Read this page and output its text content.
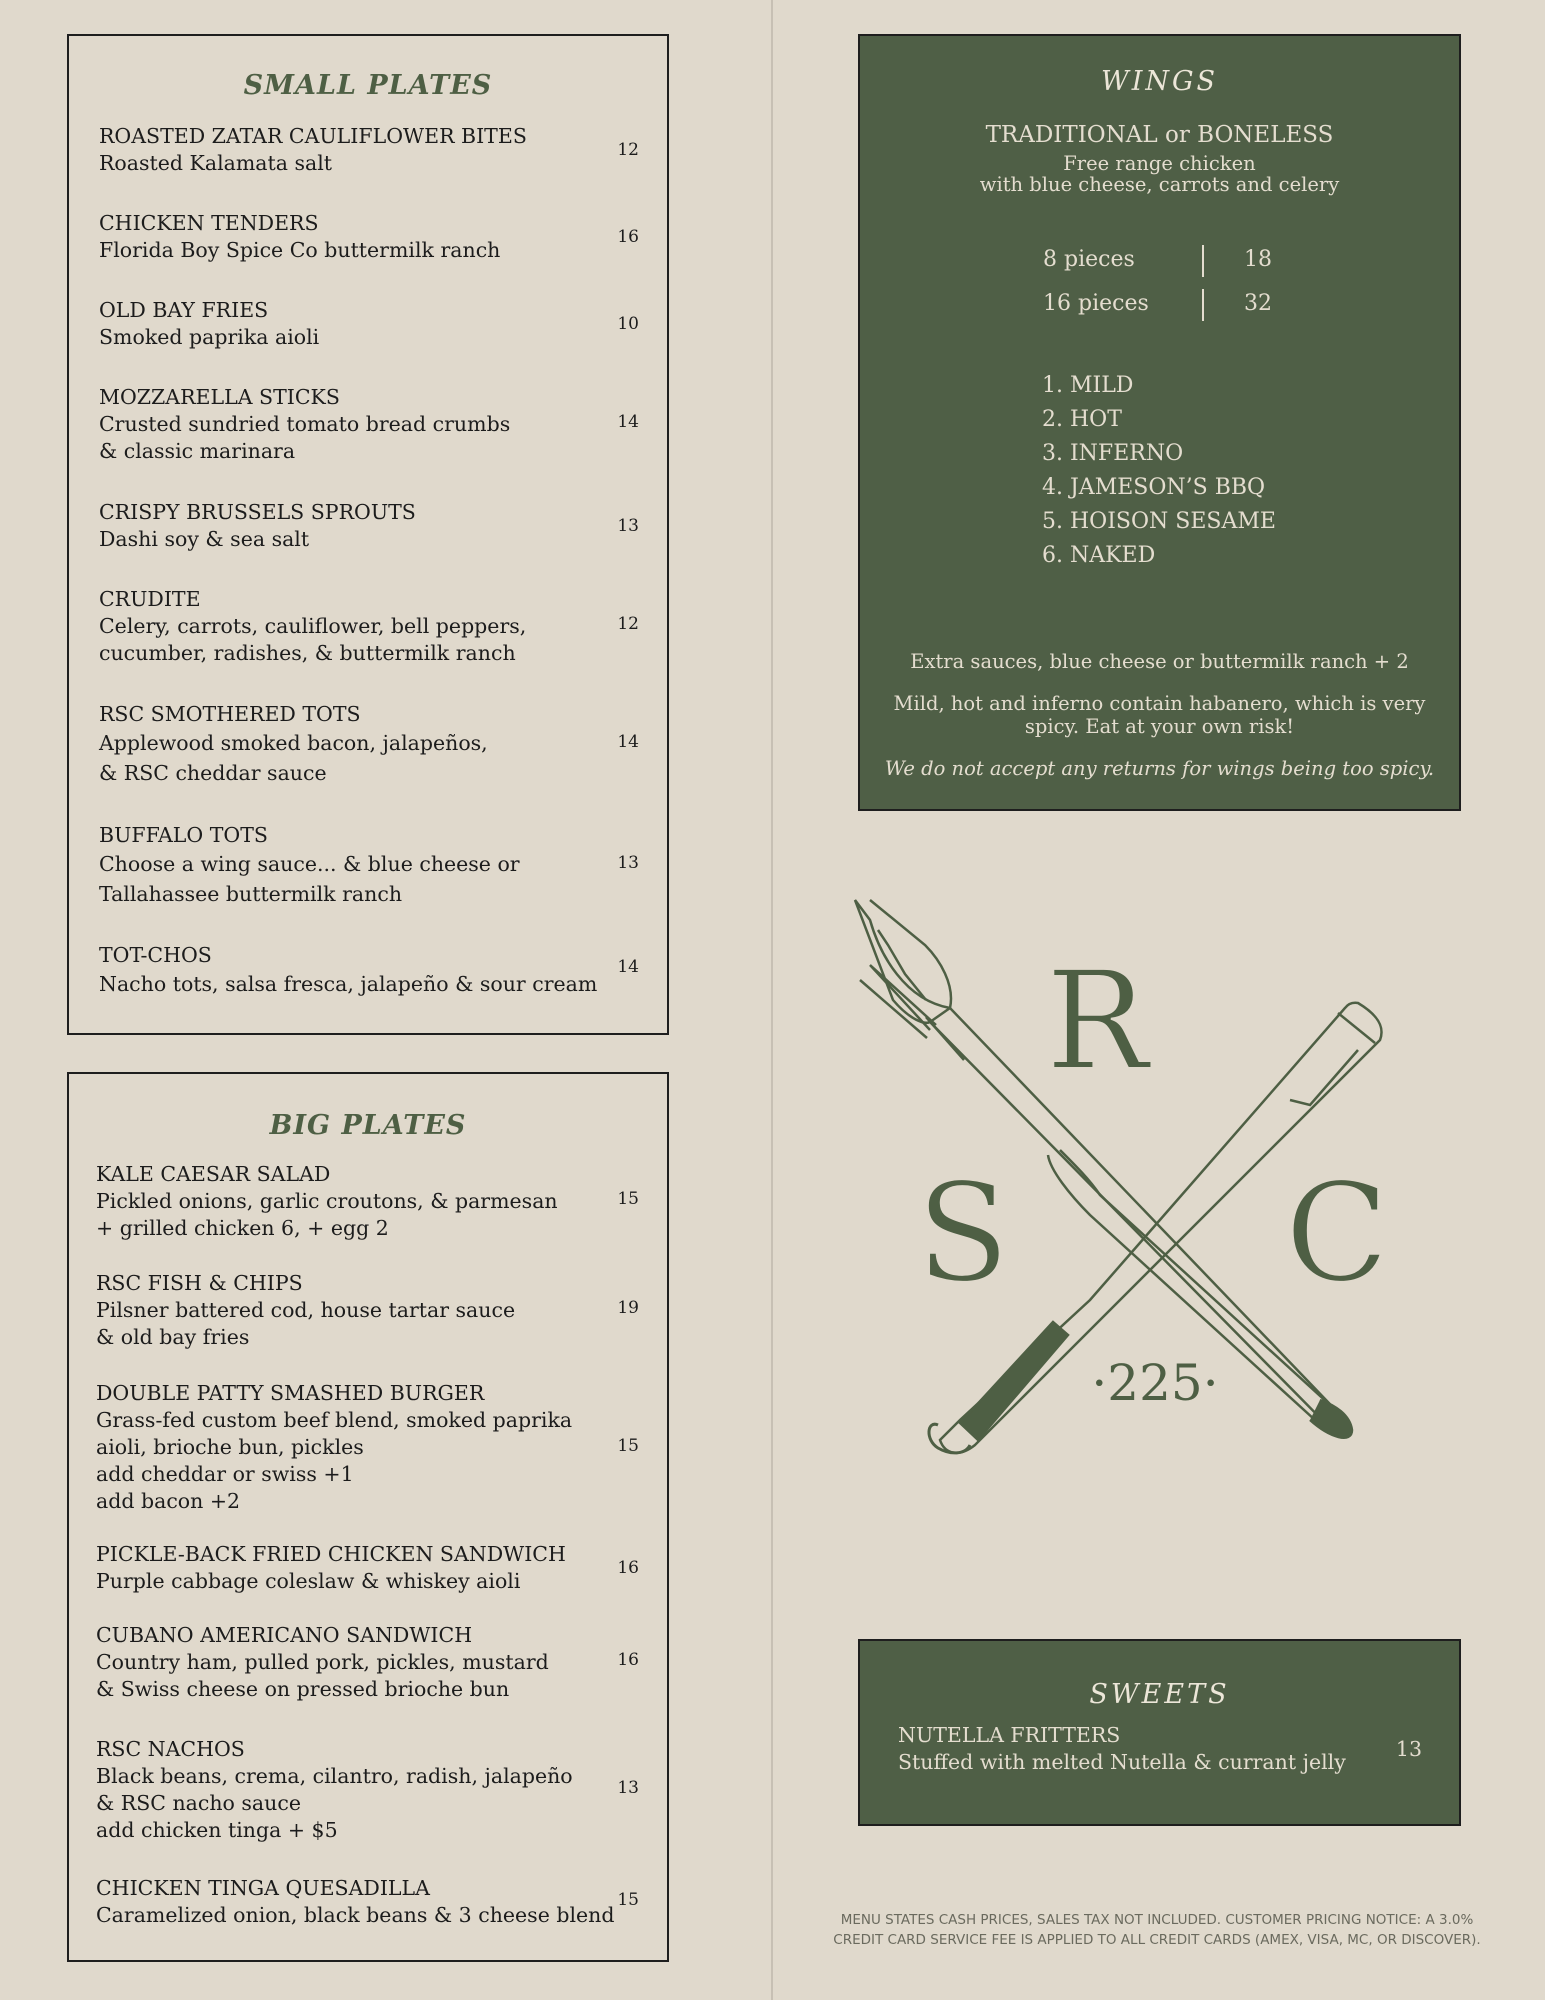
SMALL PLATES
ROASTED ZATAR CAULIFLOWER BITES
Roasted Kalamata salt
12
CHICKEN TENDERS
Florida Boy Spice Co buttermilk ranch
16
OLD BAY FRIES
Smoked paprika aioli
10
MOZZARELLA STICKS
Crusted sundried tomato bread crumbs
& classic marinara
14
CRISPY BRUSSELS SPROUTS
Dashi soy & sea salt
13
CRUDITE
Celery, carrots, cauliflower, bell peppers,
cucumber, radishes, & buttermilk ranch
12
RSC SMOTHERED TOTS
Applewood smoked bacon, jalapeños,
& RSC cheddar sauce
14
BUFFALO TOTS
Choose a wing sauce... & blue cheese or
Tallahassee buttermilk ranch
13
TOT-CHOS
Nacho tots, salsa fresca, jalapeño & sour cream
14
BIG PLATES
KALE CAESAR SALAD
Pickled onions, garlic croutons, & parmesan
+ grilled chicken 6, + egg 2
15
RSC FISH & CHIPS
Pilsner battered cod, house tartar sauce
& old bay fries
19
DOUBLE PATTY SMASHED BURGER
Grass-fed custom beef blend, smoked paprika
aioli, brioche bun, pickles
add cheddar or swiss +1
add bacon +2
15
PICKLE-BACK FRIED CHICKEN SANDWICH
Purple cabbage coleslaw & whiskey aioli
16
CUBANO AMERICANO SANDWICH
Country ham, pulled pork, pickles, mustard
& Swiss cheese on pressed brioche bun
16
RSC NACHOS
Black beans, crema, cilantro, radish, jalapeño
& RSC nacho sauce
add chicken tinga + $5
13
CHICKEN TINGA QUESADILLA
Caramelized onion, black beans & 3 cheese blend
15
WINGS
TRADITIONAL or BONELESS
Free range chicken
with blue cheese, carrots and celery
8 pieces	18
16 pieces	32
1. MILD
2. HOT
3. INFERNO
4. JAMESON’S BBQ
5. HOISON SESAME
6. NAKED
Extra sauces, blue cheese or buttermilk ranch + 2
Mild, hot and inferno contain habanero, which is very
spicy. Eat at your own risk!
We do not accept any returns for wings being too spicy.
R
S C
·225·
SWEETS
NUTELLA FRITTERS
Stuffed with melted Nutella & currant jelly
13
MENU STATES CASH PRICES, SALES TAX NOT INCLUDED. CUSTOMER PRICING NOTICE: A 3.0%
CREDIT CARD SERVICE FEE IS APPLIED TO ALL CREDIT CARDS (AMEX, VISA, MC, OR DISCOVER).
